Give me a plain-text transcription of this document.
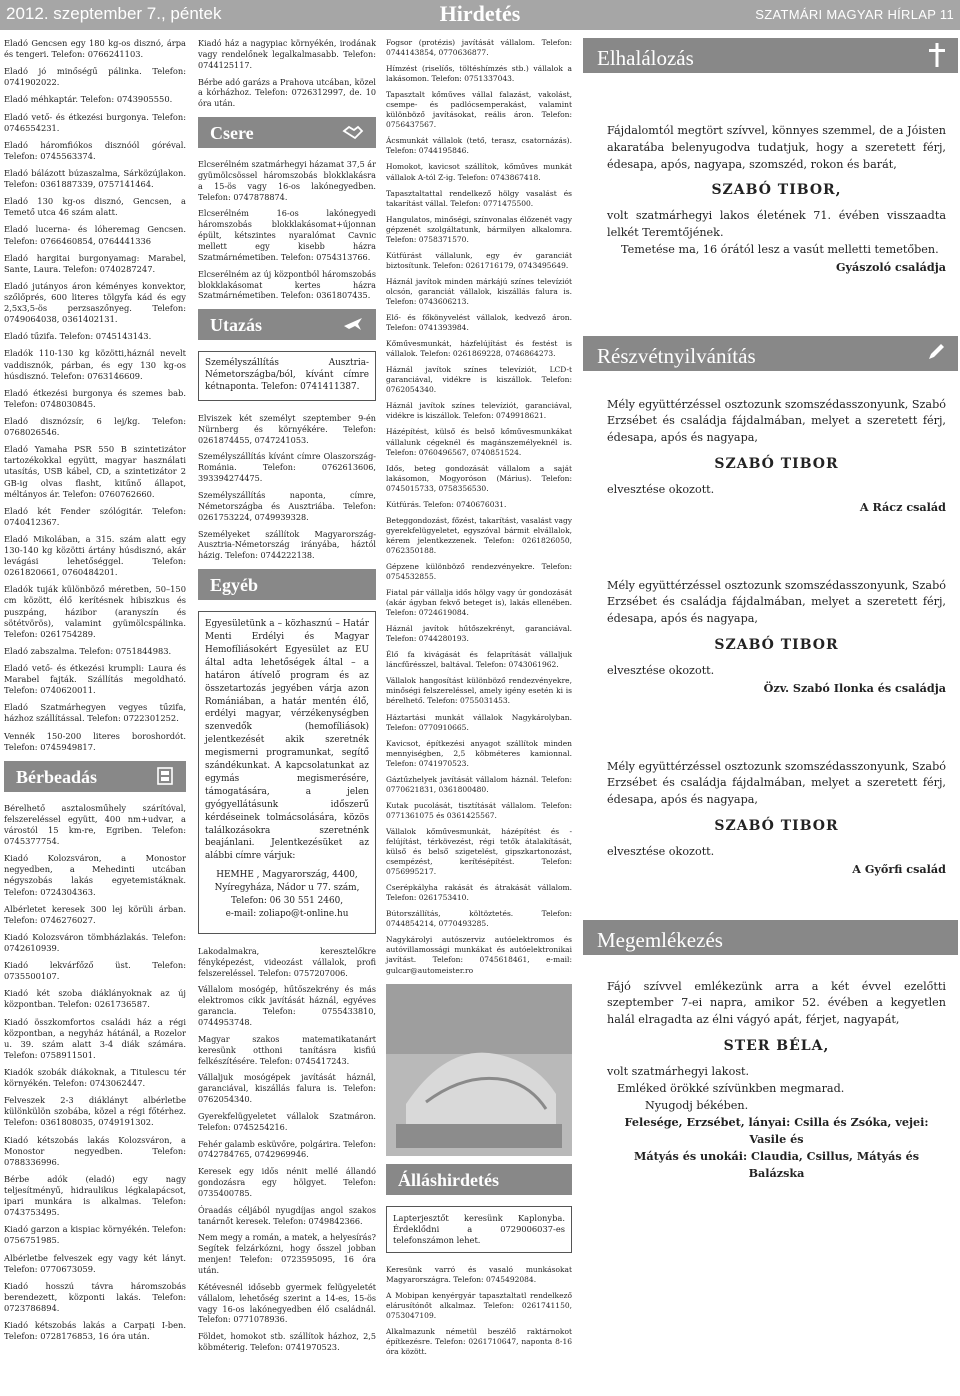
2012. szeptember 7., péntek	Hirdetés	SZATMÁRI MAGYAR HÍRLAP 11
Eladó Gencsen egy 180 kg-os disznó, árpa és tengeri. Telefon: 0766241103.
Eladó jó minőségű pálinka. Telefon: 0741902022.
Eladó méhkaptár. Telefon: 0743905550.
Eladó vető- és étkezési burgonya. Telefon: 0746554231.
Eladó háromfiókos disznóól góréval. Telefon: 0745563374.
Eladó bálázott búzaszalma, Sárközújlakon. Telefon: 0361887339, 0757141464.
Eladó 130 kg-os disznó, Gencsen, a Temető utca 46 szám alatt.
Eladó lucerna- és lóheremag Gencsen. Telefon: 0766460854, 0764441336
Eladó hargitai burgonyamag: Marabel, Sante, Laura. Telefon: 0740287247.
Eladó jutányos áron kéményes konvektor, szőlőprés, 600 literes tölgyfa kád és egy 2,5x3,5-ös perzsaszőnyeg. Telefon: 0749064038, 0361402131.
Eladó tűzifa. Telefon: 0745143143.
Eladók 110-130 kg közötti,háznál nevelt vaddisznók, párban, és egy 130 kg-os húsdisznó. Telefon: 0763146609.
Eladó étkezési burgonya és szemes bab. Telefon: 0748030845.
Eladó disznózsír, 6 lej/kg. Telefon: 0768026546.
Eladó Yamaha PSR 550 B szintetizátor tartozékokkal együtt, magyar használati utasítás, USB kábel, CD, a szintetizátor 2 GB-ig olvas flasht, kitűnő állapot, méltányos ár. Telefon: 0760762660.
Eladó két Fender szólógitár. Telefon: 0740412367.
Eladó Mikolában, a 315. szám alatt egy 130-140 kg közötti ártány húsdisznó, akár levágási lehetőséggel. Telefon: 0261820661, 0760484201.
Eladók tuják különböző méretben, 50–150 cm között, élő kerítésnek hibiszkus és puszpáng, házibor (aranyszín és sötétvörös), valamint gyümölcspálinka. Telefon: 0261754289.
Eladó zabszalma. Telefon: 0751844983.
Eladó vető- és étkezési krumpli: Laura és Marabel fajták. Szállítás megoldható. Telefon: 0740620011.
Eladó Szatmárhegyen vegyes tűzifa, házhoz szállítással. Telefon: 0722301252.
Vennék 150-200 literes boroshordót. Telefon: 0745949817.
Bérbeadás
Bérelhető asztalosműhely szárítóval, felszereléssel együtt, 400 nm+udvar, a várostól 15 km-re, Egriben. Telefon: 0745377754.
Kiadó Kolozsváron, a Monostor negyedben, a Mehedinti utcában négyszobás lakás egyetemistáknak. Telefon: 0724304363.
Albérletet keresek 300 lej körüli árban. Telefon: 0746276027.
Kiadó Kolozsváron tömbházlakás. Telefon: 0742610939.
Kiadó lekvárfőző üst. Telefon: 0735500107.
Kiadó két szoba diáklányoknak az új központban. Telefon: 0261736587.
Kiadó összkomfortos családi ház a régi központban, a negyház hátánál, a Rozelor u. 39. szám alatt 3-4 diák számára. Telefon: 0758911501.
Kiadók szobák diákoknak, a Titulescu tér környékén. Telefon: 0743062447.
Felveszek 2-3 diáklányt albérletbe különkülön szobába, közel a régi főtérhez. Telefon: 0361808035, 0749191302.
Kiadó kétszobás lakás Kolozsváron, a Monostor negyedben. Telefon: 0788336996.
Bérbe adók (eladó) egy nagy teljesítményű, hidraulikus légkalapácsot, ipari munkára is alkalmas. Telefon: 0743753495.
Kiadó garzon a kispiac környékén. Telefon: 0756751985.
Albérletbe felveszek egy vagy két lányt. Telefon: 0770673059.
Kiadó hosszú távra háromszobás berendezett, központi lakás. Telefon: 0723786894.
Kiadó kétszobás lakás a Carpați I-ben. Telefon: 0728176853, 16 óra után.
Kiadó ház a nagypiac környékén, irodának vagy rendelőnek legalkalmasabb. Telefon: 0744125117.
Bérbe adó garázs a Prahova utcában, közel a kórházhoz. Telefon: 0726312997, de. 10 óra után.
Csere
Elcserélném szatmárhegyi házamat 37,5 ár gyümölcsössel háromszobás blokklakásra a 15-ös vagy 16-os lakónegyedben. Telefon: 0747878874.
Elcserélném 16-os lakónegyedi háromszobás blokklakásomat+újonnan épült, kétszintes nyaralómat Cavnic mellett egy kisebb házra Szatmárnémetiben. Telefon: 0754313766.
Elcserélném az új központból háromszobás blokklakásomat kertes házra Szatmárnémetiben. Telefon: 0361807435.
Utazás
Személyszállítás Ausztria-Németországba/ból, kívánt címre kétnaponta. Telefon: 0741411387.
Elviszek két személyt szeptember 9-én Nürnberg és környékére. Telefon: 0261874455, 0747241053.
Személyszállítás kívánt címre Olaszország-Románia. Telefon: 0762613606, 393394274475.
Személyszállítás naponta, címre, Németországba és Ausztriába. Telefon: 0261753224, 0749939328.
Személyeket szállítok Magyarország-Ausztria-Németország irányába, háztól házig. Telefon: 0744222138.
Egyéb
Egyesületünk a – közhasznú – Határ Menti Erdélyi és Magyar Hemofíliásokért Egyesület az EU által adta lehetőségek által – a határon átívelő program és az összetartozás jegyében várja azon Romániában, a határ mentén élő, erdélyi magyar, vérzékenységben szenvedők (hemofíliások) jelentkezését akik szeretnék megismerni programunkat, segítő szándékunkat. A kapcsolatunkat az egymás megismerésére, támogatására, a jelen gyógyellátásunk időszerű kérdéseinek tolmácsolására, közös találkozásokra szeretnénk beajánlani. Jelentkezésüket az alábbi címre várjuk:
HEMHE , Magyarország, 4400,
Nyíregyháza, Nádor u 77. szám,
Telefon: 06 30 551 2460,
e-mail: zoliapo@t-online.hu
Lakodalmakra, keresztelőkre fényképezést, videozást vállalok, profi felszereléssel. Telefon: 0757207006.
Vállalom mosógép, hűtőszekrény és más elektromos cikk javítását háznál, egyéves garancia. Telefon: 0755433810, 0744953748.
Magyar szakos matematikatanárt keresünk otthoni tanításra kisfiú felkészítésére. Telefon: 0745417243.
Vállaljuk mosógépek javítását háznál, garanciával, kiszállás falura is. Telefon: 0762054340.
Gyerekfelügyeletet vállalok Szatmáron. Telefon: 0745254216.
Fehér galamb esküvőre, polgárira. Telefon: 0742784765, 0742969946.
Keresek egy idős nénit mellé állandó gondozásra egy hölgyet. Telefon: 0735400785.
Óraadás céljából nyugdíjas angol szakos tanárnőt keresek. Telefon: 0749842366.
Nem megy a román, a matek, a helyesírás? Segítek felzárkózni, hogy ősszel jobban menjen! Telefon: 0723595095, 16 óra után.
Kétévesnél idősebb gyermek felügyeletét vállalom, lehetőség szerint a 14-es, 15-ös vagy 16-os lakónegyedben élő családnál. Telefon: 0771078936.
Földet, homokot stb. szállítok házhoz, 2,5 köbméterig. Telefon: 0741970523.
Fogsor (protézis) javítását vállalom. Telefon: 0744143854, 0770636877.
Hímzést (riselíős, töltéshímzés stb.) vállalok a lakásomon. Telefon: 0751337043.
Tapasztalt kőműves vállal falazást, vakolást, csempe- és padlócsemperakást, valamint különböző javításokat, reális áron. Telefon: 0756437567.
Ácsmunkát vállalok (tető, terasz, csatornázás). Telefon: 0744195846.
Homokot, kavicsot szállítok, kőműves munkát vállalok A-tól Z-ig. Telefon: 0743867418.
Tapasztaltattal rendelkező hölgy vasalást és takarítást vállal. Telefon: 0771475500.
Hangulatos, minőségi, színvonalas élőzenét vagy gépzenét szolgáltatunk, bármilyen alkalomra. Telefon: 0758371570.
Kútfúrást vállalunk, egy év garanciát biztosítunk. Telefon: 0261716179, 0743495649.
Háznál javítok minden márkájú színes televíziót olcsón, garanciát vállalok, kiszállás falura is. Telefon: 0743606213.
Elő- és főkönyvelést vállalok, kedvező áron. Telefon: 0741393984.
Kőművesmunkát, házfelújítást és festést is vállalok. Telefon: 0261869228, 0746864273.
Háznál javítok színes televíziót, LCD-t garanciával, vidékre is kiszállok. Telefon: 0762054340.
Háznál javítok színes televíziót, garanciával, vidékre is kiszállok. Telefon: 0749918621.
Házépítést, külső és belső kőművesmunkákat vállalunk cégeknél és magánszemélyeknél is. Telefon: 0760496567, 0740851524.
Idős, beteg gondozását vállalom a saját lakásomon, Mogyoróson (Márius). Telefon: 0745015733, 0758356530.
Kútfúrás. Telefon: 0740676031.
Beteggondozást, főzést, takarítást, vasalást vagy gyerekfelügyeletet, egyszóval bármit elvállalok, kérem jelentkezzenek. Telefon: 0261826050, 0762350188.
Gépzene különböző rendezvényekre. Telefon: 0754532855.
Fiatal pár vállalja idős hölgy vagy úr gondozását (akár ágyban fekvő beteget is), lakás ellenében. Telefon: 0724619084.
Háznál javítok hűtőszekrényt, garanciával. Telefon: 0744280193.
Élő fa kivágását és felaprítását vállaljuk láncfűrésszel, baltával. Telefon: 0743061962.
Vállalok hangosítást különböző rendezvényekre, minőségi felszereléssel, amely igény esetén ki is bérelhető. Telefon: 0755031453.
Háztartási munkát vállalok Nagykárolyban. Telefon: 0770910665.
Kavicsot, építkezési anyagot szállítok minden mennyiségben, 2,5 köbméteres kamionnal. Telefon: 0741970523.
Gáztűzhelyek javítását vállalom háznál. Telefon: 0770621831, 0361800480.
Kutak pucolását, tisztítását vállalom. Telefon: 0771361075 és 0361425567.
Vállalok kőművesmunkát, házépítést és -felújítást, térkövezést, régi tetők átalakítását, külső és belső szigetelést, gipszkartonozást, csempézést, kerítésépítést. Telefon: 0756995217.
Cserépkályha rakását és átrakását vállalom. Telefon: 0261753410.
Bútorszállítás, költöztetés. Telefon: 0744854214, 0770493285.
Nagykárolyi autószerviz autóelektromos és autóvillamossági munkákat és autóelektronikai javítást. Telefon: 0745618461, e-mail: gulcar@automeister.ro
Álláshirdetés
Lapterjesztőt keresünk Kaplonyba. Érdeklődni a 0729006037-es telefonszámon lehet.
Keresünk varró és vasaló munkásokat Magyarországra. Telefon: 0745492084.
A Mobipan kenyérgyár tapasztaltatl rendelkező elárusítónőt alkalmaz. Telefon: 0261741150, 0753047109.
Alkalmazunk németül beszélő raktárnokot építkezésre. Telefon: 0261710647, naponta 8-16 óra között.
Elhalálozás
Fájdalomtól megtört szívvel, könnyes szemmel, de a Jóisten akaratába belenyugodva tudatjuk, hogy a szeretett férj, édesapa, após, nagyapa, szomszéd, rokon és barát,
SZABÓ TIBOR,
volt szatmárhegyi lakos életének 71. évében visszaadta lelkét Teremtőjének.
Temetése ma, 16 órától lesz a vasút melletti temetőben.
Gyászoló családja
Részvétnyilvánítás
Mély együttérzéssel osztozunk szomszédasszonyunk, Szabó Erzsébet és családja fájdalmában, melyet a szeretett férj, édesapa, após és nagyapa,
SZABÓ TIBOR
elvesztése okozott.
A Rácz család
Mély együttérzéssel osztozunk szomszédasszonyunk, Szabó Erzsébet és családja fájdalmában, melyet a szeretett férj, édesapa, após és nagyapa,
SZABÓ TIBOR
elvesztése okozott.
Özv. Szabó Ilonka és családja
Mély együttérzéssel osztozunk szomszédasszonyunk, Szabó Erzsébet és családja fájdalmában, melyet a szeretett férj, édesapa, após és nagyapa,
SZABÓ TIBOR
elvesztése okozott.
A Győrfi család
Megemlékezés
Fájó szívvel emlékezünk arra a két évvel ezelőtti szeptember 7-ei napra, amikor 52. évében a kegyetlen halál elragadta az élni vágyó apát, férjet, nagyapát,
STER BÉLA,
volt szatmárhegyi lakost.
Emléked örökké szívünkben megmarad.
Nyugodj békében.
Felesége, Erzsébet, lányai: Csilla és Zsóka, vejei: Vasile és
Mátyás és unokái: Claudia, Csillus, Mátyás és Balázska
